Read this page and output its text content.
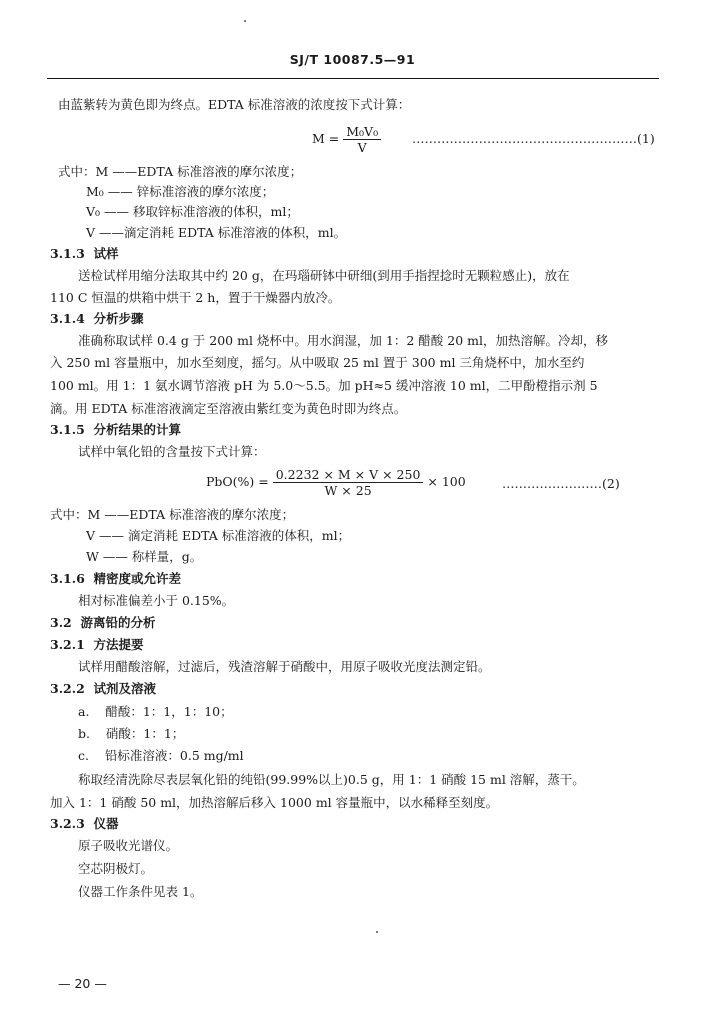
SJ/T 10087.5—91
由蓝紫转为黄色即为终点。EDTA 标准溶液的浓度按下式计算：
$M = \frac{\text{M₀V₀}}{V}$ ………………………………………………(1)
式中：M ——EDTA 标准溶液的摩尔浓度；
M₀ —— 锌标准溶液的摩尔浓度；
V₀ —— 移取锌标准溶液的体积，ml；
V ——滴定消耗 EDTA 标准溶液的体积，ml。
3.1.3 试样
送检试样用缩分法取其中约 20 g，在玛瑙研钵中研细(到用手指捏捻时无颗粒感止)，放在
110 C 恒温的烘箱中烘干 2 h，置于干燥器内放冷。
3.1.4 分析步骤
准确称取试样 0.4 g 于 200 ml 烧杯中。用水润湿，加 1：2 醋酸 20 ml，加热溶解。冷却，移
入 250 ml 容量瓶中，加水至刻度，摇匀。从中吸取 25 ml 置于 300 ml 三角烧杯中，加水至约
100 ml。用 1：1 氨水调节溶液 pH 为 5.0～5.5。加 pH≈5 缓冲溶液 10 ml，二甲酚橙指示剂 5
滴。用 EDTA 标准溶液滴定至溶液由紫红变为黄色时即为终点。
3.1.5 分析结果的计算
试样中氧化铅的含量按下式计算：
$PbO(\%) = \frac{0.2232 \times M \times V \times 250}{W \times 25} \times 100$	……………………(2)
式中：M ——EDTA 标准溶液的摩尔浓度；
V —— 滴定消耗 EDTA 标准溶液的体积，ml；
W —— 称样量，g。
3.1.6 精密度或允许差
相对标准偏差小于 0.15%。
3.2 游离铅的分析
3.2.1 方法提要
试样用醋酸溶解，过滤后，残渣溶解于硝酸中，用原子吸收光度法测定铅。
3.2.2 试剂及溶液
a. 醋酸：1：1，1：10；
b. 硝酸：1：1；
c. 铅标准溶液：0.5 mg/ml
称取经清洗除尽表层氧化铅的纯铅(99.99%以上)0.5 g，用 1：1 硝酸 15 ml 溶解，蒸干。
加入 1：1 硝酸 50 ml，加热溶解后移入 1000 ml 容量瓶中，以水稀释至刻度。
3.2.3 仪器
原子吸收光谱仪。
空芯阴极灯。
仪器工作条件见表 1。
— 20 —
